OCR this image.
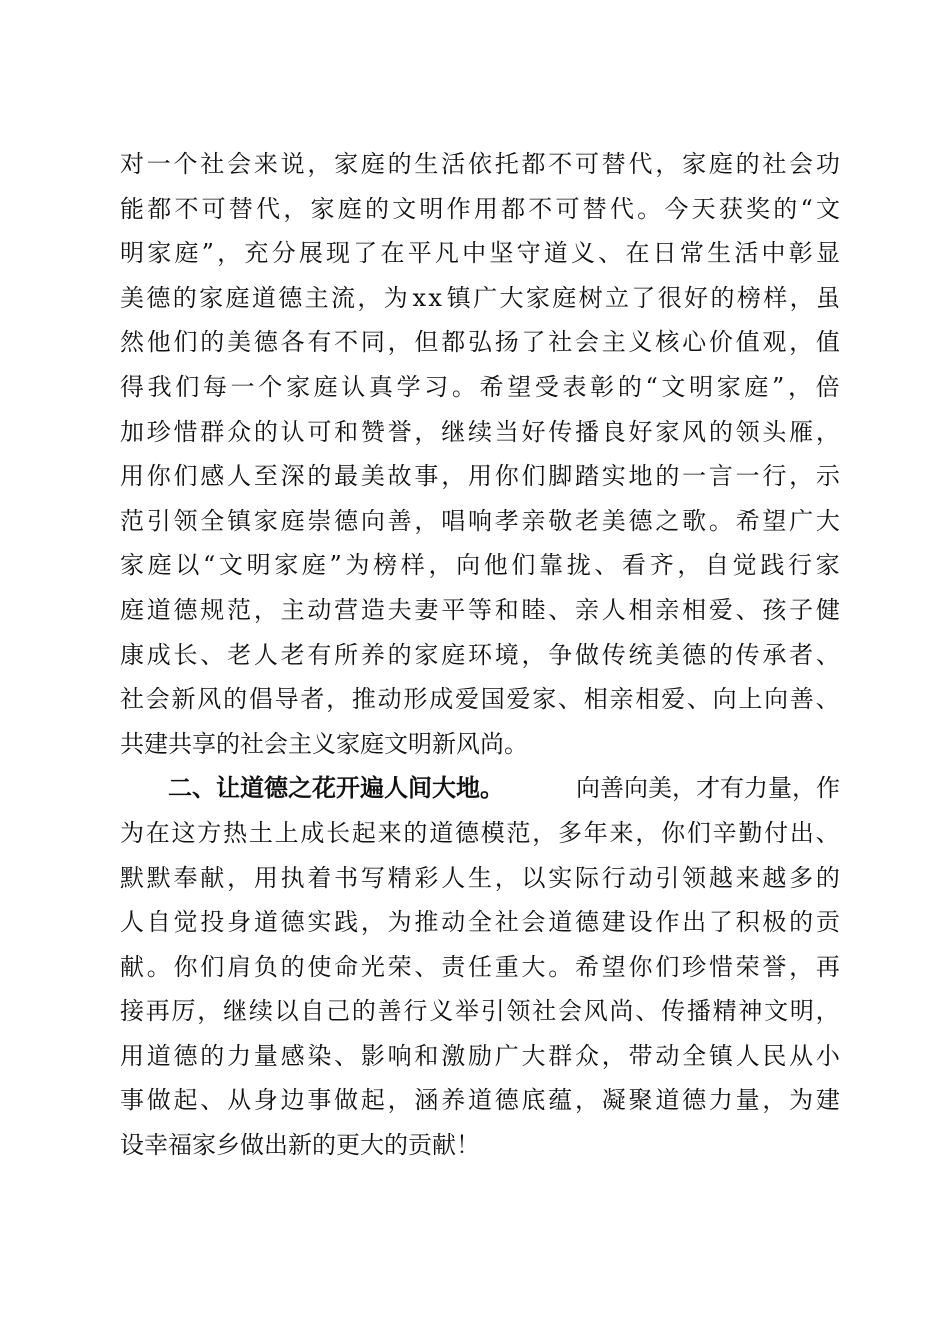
对 一 个 社 会 来 说 ， 家 庭 的 生 活 依 托 都 不 可 替 代 ， 家 庭 的 社 会 功
能 都 不 可 替 代 ， 家 庭 的 文 明 作 用 都 不 可 替 代 。 今 天 获 奖 的 “ 文
明 家 庭 ” ， 充 分 展 现 了 在 平 凡 中 坚 守 道 义 、 在 日 常 生 活 中 彰 显
美 德 的 家 庭 道 德 主 流 ， 为 x x 镇 广 大 家 庭 树 立 了 很 好 的 榜 样 ， 虽
然 他 们 的 美 德 各 有 不 同 ， 但 都 弘 扬 了 社 会 主 义 核 心 价 值 观 ， 值
得 我 们 每 一 个 家 庭 认 真 学 习 。 希 望 受 表 彰 的 “ 文 明 家 庭 ” ， 倍
加 珍 惜 群 众 的 认 可 和 赞 誉 ， 继 续 当 好 传 播 良 好 家 风 的 领 头 雁 ，
用 你 们 感 人 至 深 的 最 美 故 事 ， 用 你 们 脚 踏 实 地 的 一 言 一 行 ， 示
范 引 领 全 镇 家 庭 崇 德 向 善 ， 唱 响 孝 亲 敬 老 美 德 之 歌 。 希 望 广 大
家 庭 以 “ 文 明 家 庭 ” 为 榜 样 ， 向 他 们 靠 拢 、 看 齐 ， 自 觉 践 行 家
庭 道 德 规 范 ， 主 动 营 造 夫 妻 平 等 和 睦 、 亲 人 相 亲 相 爱 、 孩 子 健
康 成 长 、 老 人 老 有 所 养 的 家 庭 环 境 ， 争 做 传 统 美 德 的 传 承 者 、
社 会 新 风 的 倡 导 者 ， 推 动 形 成 爱 国 爱 家 、 相 亲 相 爱 、 向 上 向 善 、
共建共享的社会主义家庭文明新风尚。
二、让道德之花开遍人间大地。	向善向美，才有力量，作
为 在 这 方 热 土 上 成 长 起 来 的 道 德 模 范 ， 多 年 来 ， 你 们 辛 勤 付 出 、
默 默 奉 献 ， 用 执 着 书 写 精 彩 人 生 ， 以 实 际 行 动 引 领 越 来 越 多 的
人 自 觉 投 身 道 德 实 践 ， 为 推 动 全 社 会 道 德 建 设 作 出 了 积 极 的 贡
献 。 你 们 肩 负 的 使 命 光 荣 、 责 任 重 大 。 希 望 你 们 珍 惜 荣 誉 ， 再
接 再 厉 ， 继 续 以 自 己 的 善 行 义 举 引 领 社 会 风 尚 、 传 播 精 神 文 明 ，
用 道 德 的 力 量 感 染 、 影 响 和 激 励 广 大 群 众 ， 带 动 全 镇 人 民 从 小
事 做 起 、 从 身 边 事 做 起 ， 涵 养 道 德 底 蕴 ， 凝 聚 道 德 力 量 ， 为 建
设幸福家乡做出新的更大的贡献！
